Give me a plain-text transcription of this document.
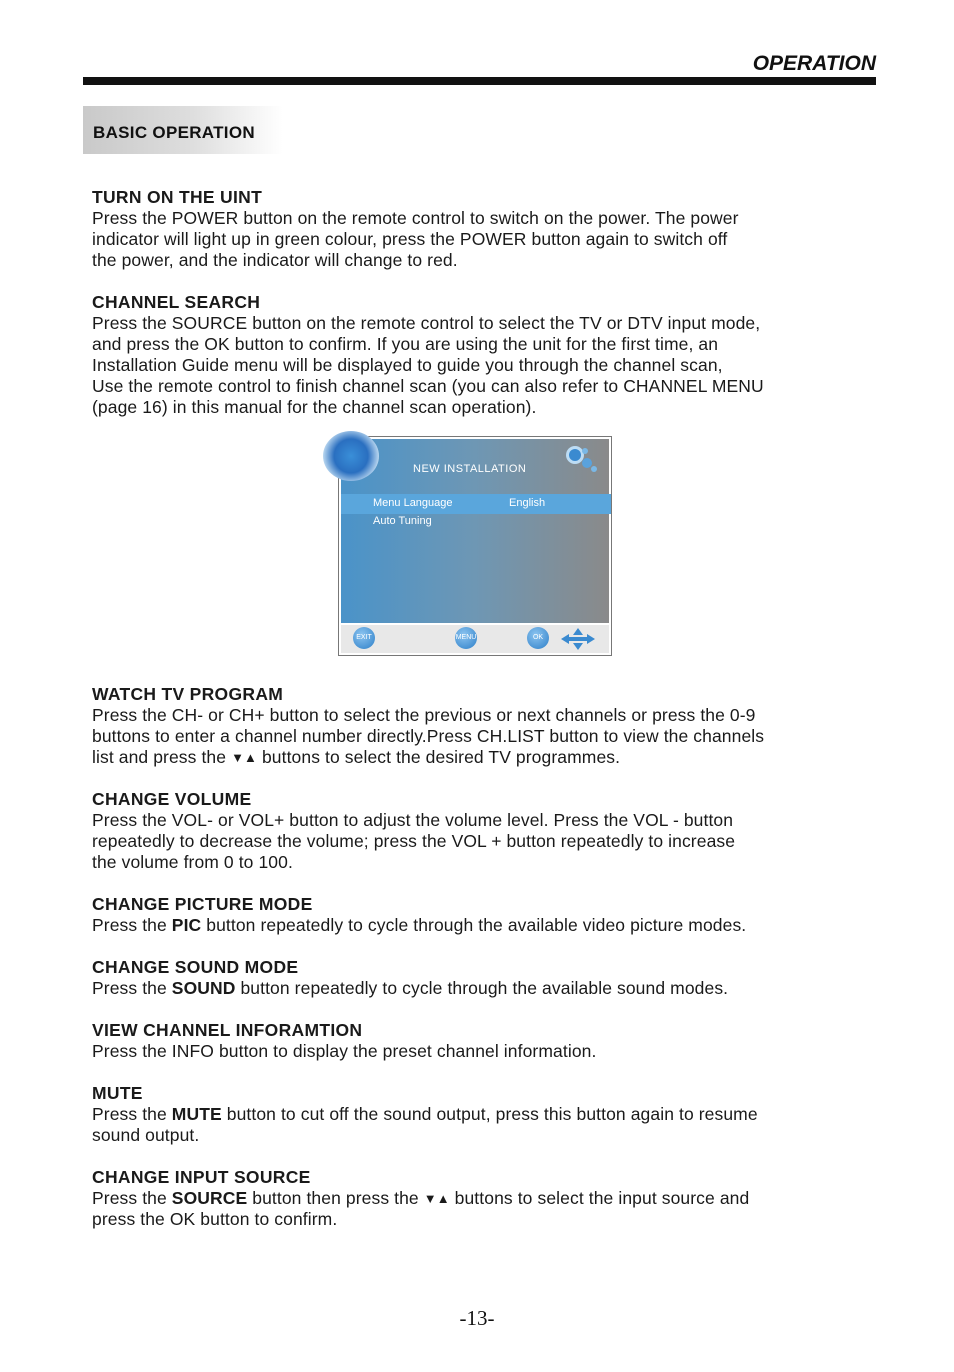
OPERATION
BASIC OPERATION
TURN ON THE UINT
Press the POWER button on the remote control to switch on the power. The power
indicator will light up in green colour, press the POWER button again to switch off
the power, and the indicator will change to red.
CHANNEL SEARCH
Press the SOURCE button on the remote control to select the TV or DTV input mode,
and press the OK button to confirm. If you are using the unit for the first time, an
Installation Guide menu will be displayed to guide you through the channel scan,
Use the remote control to finish channel scan (you can also refer to CHANNEL MENU
(page 16) in this manual for the channel scan operation).
WATCH TV PROGRAM
Press the CH- or CH+ button to select the previous or next channels or press the 0-9
buttons to enter a channel number directly.Press CH.LIST button to view the channels
list and press the ▼▲ buttons to select the desired TV programmes.
CHANGE VOLUME
Press the VOL- or VOL+ button to adjust the volume level. Press the VOL - button
repeatedly to decrease the volume; press the VOL + button repeatedly to increase
the volume from 0 to 100.
CHANGE PICTURE MODE
Press the PIC button repeatedly to cycle through the available video picture modes.
CHANGE SOUND MODE
Press the SOUND button repeatedly to cycle through the available sound modes.
VIEW CHANNEL INFORAMTION
Press the INFO button to display the preset channel information.
MUTE
Press the MUTE button to cut off the sound output, press this button again to resume
sound output.
CHANGE INPUT SOURCE
Press the SOURCE button then press the ▼▲ buttons to select the input source and
press the OK button to confirm.
NEW INSTALLATION
Menu Language	English
Auto Tuning
EXIT	MENU	OK
-13-
